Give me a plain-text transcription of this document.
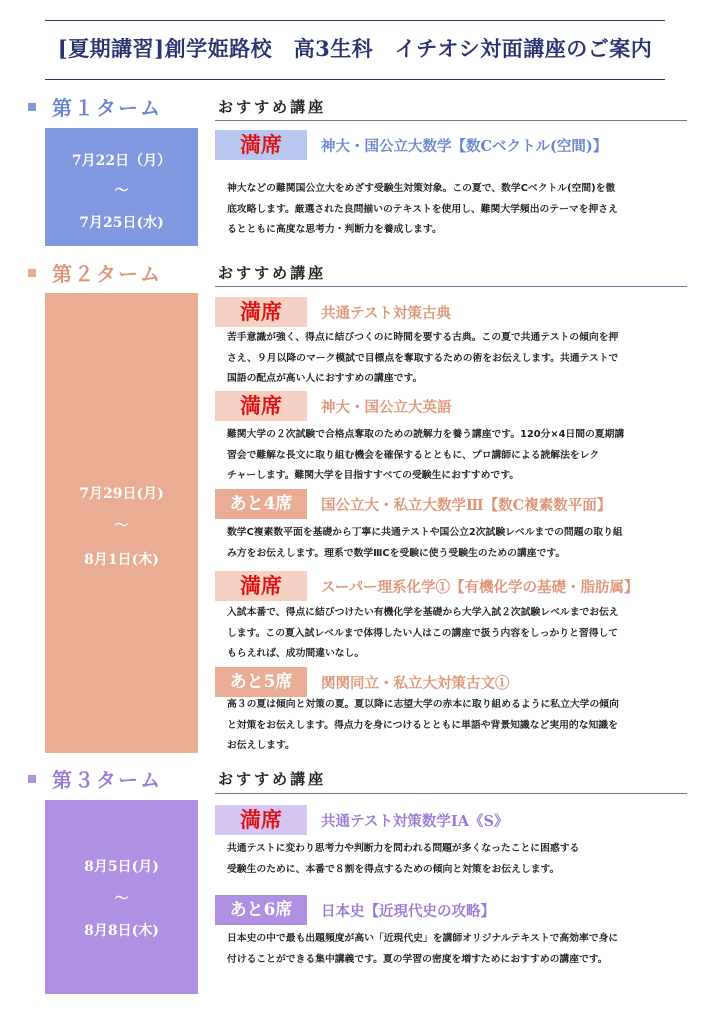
[夏期講習]創学姫路校　高3生科　イチオシ対面講座のご案内
第１ターム	おすすめ講座
7月22日（月）
～
7月25日(水)
満席	神大・国公立大数学【数Cベクトル(空間)】
神大などの難関国公立大をめざす受験生対策対象。この夏で、数学Cベクトル(空間)を徹
底攻略します。厳選された良問揃いのテキストを使用し、難関大学頻出のテーマを押さえ
るとともに高度な思考力・判断力を養成します。
第２ターム	おすすめ講座
7月29日(月)
～
8月1日(木)
満席	共通テスト対策古典
苦手意識が強く、得点に結びつくのに時間を要する古典。この夏で共通テストの傾向を押
さえ、９月以降のマーク模試で目標点を奪取するための術をお伝えします。共通テストで
国語の配点が高い人におすすめの講座です。
満席	神大・国公立大英語
難関大学の２次試験で合格点奪取のための読解力を養う講座です。120分×4日間の夏期講
習会で難解な長文に取り組む機会を確保するとともに、プロ講師による読解法をレク
チャーします。難関大学を目指すすべての受験生におすすめです。
あと4席	国公立大・私立大数学Ⅲ【数C複素数平面】
数学C複素数平面を基礎から丁寧に共通テストや国公立2次試験レベルまでの問題の取り組
み方をお伝えします。理系で数学ⅢCを受験に使う受験生のための講座です。
満席	スーパー理系化学①【有機化学の基礎・脂肪属】
入試本番で、得点に結びつけたい有機化学を基礎から大学入試２次試験レベルまでお伝え
します。この夏入試レベルまで体得したい人はこの講座で扱う内容をしっかりと習得して
もらえれば、成功間違いなし。
あと5席	関関同立・私立大対策古文①
高３の夏は傾向と対策の夏。夏以降に志望大学の赤本に取り組めるように私立大学の傾向
と対策をお伝えします。得点力を身につけるとともに単語や背景知識など実用的な知識を
お伝えします。
第３ターム	おすすめ講座
8月5日(月)
～
8月8日(木)
満席	共通テスト対策数学ⅠA《S》
共通テストに変わり思考力や判断力を問われる問題が多くなったことに困惑する
受験生のために、本番で８割を得点するための傾向と対策をお伝えします。
あと6席	日本史【近現代史の攻略】
日本史の中で最も出題頻度が高い「近現代史」を講師オリジナルテキストで高効率で身に
付けることができる集中講義です。夏の学習の密度を増すためにおすすめの講座です。
